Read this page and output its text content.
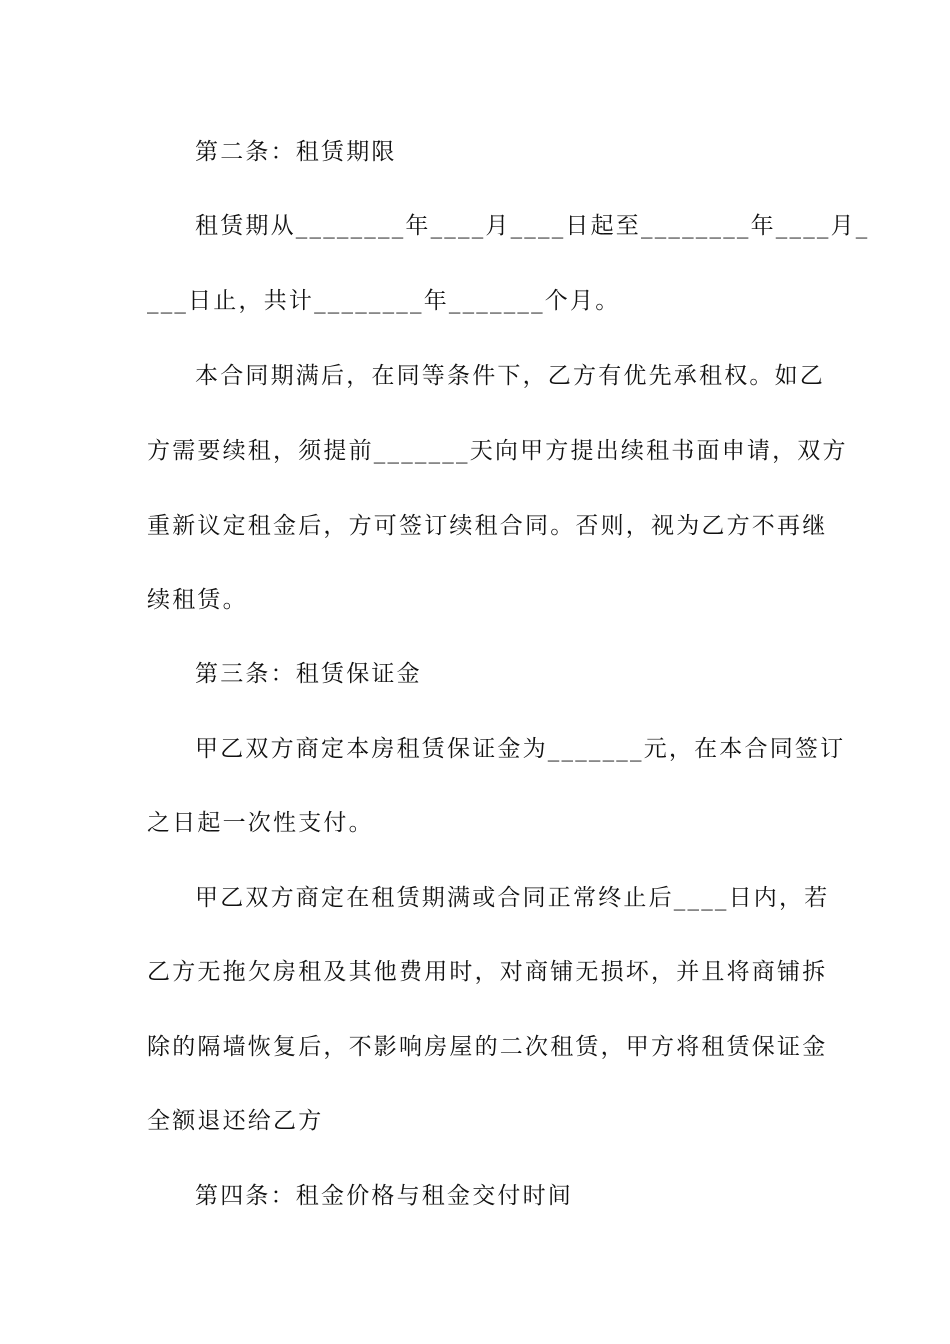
第二条：租赁期限
租赁期从________年____月____日起至________年____月_
___日止，共计________年_______个月。
本合同期满后，在同等条件下，乙方有优先承租权。如乙
方需要续租，须提前_______天向甲方提出续租书面申请，双方
重新议定租金后，方可签订续租合同。否则，视为乙方不再继
续租赁。
第三条：租赁保证金
甲乙双方商定本房租赁保证金为_______元，在本合同签订
之日起一次性支付。
甲乙双方商定在租赁期满或合同正常终止后____日内，若
乙方无拖欠房租及其他费用时，对商铺无损坏，并且将商铺拆
除的隔墙恢复后，不影响房屋的二次租赁，甲方将租赁保证金
全额退还给乙方
第四条：租金价格与租金交付时间
